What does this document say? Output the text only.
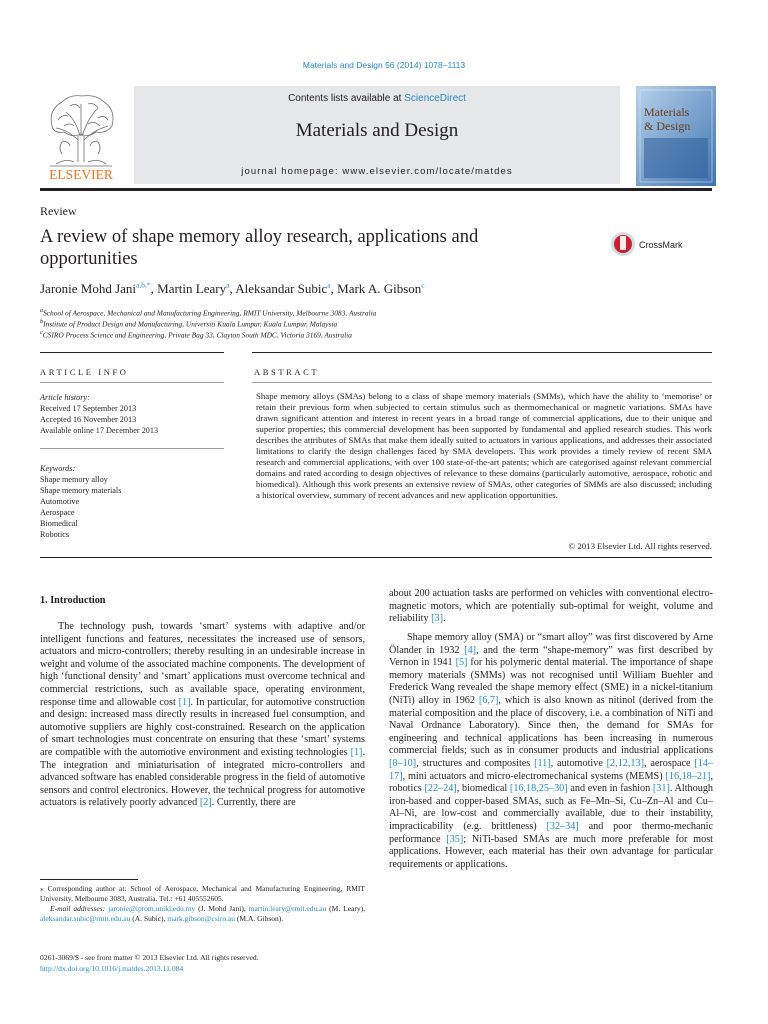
Materials and Design 56 (2014) 1078–1113
Contents lists available at ScienceDirect
Materials and Design
journal homepage: www.elsevier.com/locate/matdes
ELSEVIER
Materials
& Design
Review
A review of shape memory alloy research, applications and opportunities
CrossMark
Jaronie Mohd Jani$^{a,b,*}$, Martin Leary$^a$, Aleksandar Subic$^a$, Mark A. Gibson$^c$
$^a$School of Aerospace, Mechanical and Manufacturing Engineering, RMIT University, Melbourne 3083, Australia
$^b$Institute of Product Design and Manufacturing, Universiti Kuala Lumpur, Kuala Lumpur, Malaysia
$^c$CSIRO Process Science and Engineering, Private Bag 33, Clayton South MDC, Victoria 3169, Australia
ARTICLE INFO	ABSTRACT
Article history:
Received 17 September 2013
Accepted 16 November 2013
Available online 17 December 2013
Keywords:
Shape memory alloy
Shape memory materials
Automotive
Aerospace
Biomedical
Robotics
Shape memory alloys (SMAs) belong to a class of shape memory materials (SMMs), which have the ability to ‘memorise’ or retain their previous form when subjected to certain stimulus such as thermomechanical or magnetic variations. SMAs have drawn significant attention and interest in recent years in a broad range of commercial applications, due to their unique and superior properties; this commercial development has been supported by fundamental and applied research studies. This work describes the attributes of SMAs that make them ideally suited to actuators in various applications, and addresses their associated limitations to clarify the design challenges faced by SMA developers. This work provides a timely review of recent SMA research and commercial applications, with over 100 state-of-the-art patents; which are categorised against relevant commercial domains and rated according to design objectives of relevance to these domains (particularly automotive, aerospace, robotic and biomedical). Although this work presents an extensive review of SMAs, other categories of SMMs are also discussed; including a historical overview, summary of recent advances and new application opportunities.
© 2013 Elsevier Ltd. All rights reserved.
1. Introduction
The technology push, towards ‘smart’ systems with adaptive and/or intelligent functions and features, necessitates the increased use of sensors, actuators and micro-controllers; thereby resulting in an undesirable increase in weight and volume of the associated machine components. The development of high ‘functional density’ and ‘smart’ applications must overcome technical and commercial restrictions, such as available space, operating environment, response time and allowable cost [1]. In particular, for automotive construction and design: increased mass directly results in increased fuel consumption, and automotive suppliers are highly cost-constrained. Research on the application of smart technologies must concentrate on ensuring that these ‘smart’ systems are compatible with the automotive environment and existing technologies [1]. The integration and miniaturisation of integrated micro-controllers and advanced software has enabled considerable progress in the field of automotive sensors and control electronics. However, the technical progress for automotive actuators is relatively poorly advanced [2]. Currently, there are
about 200 actuation tasks are performed on vehicles with conventional electro-magnetic motors, which are potentially sub-optimal for weight, volume and reliability [3].
Shape memory alloy (SMA) or “smart alloy” was first discovered by Arne Ölander in 1932 [4], and the term “shape-memory” was first described by Vernon in 1941 [5] for his polymeric dental material. The importance of shape memory materials (SMMs) was not recognised until William Buehler and Frederick Wang revealed the shape memory effect (SME) in a nickel-titanium (NiTi) alloy in 1962 [6,7], which is also known as nitinol (derived from the material composition and the place of discovery, i.e. a combination of NiTi and Naval Ordnance Laboratory). Since then, the demand for SMAs for engineering and technical applications has been increasing in numerous commercial fields; such as in consumer products and industrial applications [8–10], structures and composites [11], automotive [2,12,13], aerospace [14–17], mini actuators and micro-electromechanical systems (MEMS) [16,18–21], robotics [22–24], biomedical [16,18,25–30] and even in fashion [31]. Although iron-based and copper-based SMAs, such as Fe–Mn–Si, Cu–Zn–Al and Cu–Al–Ni, are low-cost and commercially available, due to their instability, impracticability (e.g. brittleness) [32–34] and poor thermo-mechanic performance [35]; NiTi-based SMAs are much more preferable for most applications. However, each material has their own advantage for particular requirements or applications.
⁎ Corresponding author at: School of Aerospace, Mechanical and Manufacturing Engineering, RMIT University, Melbourne 3083, Australia. Tel.: +61 405552605.
E-mail addresses: jaronie@iprom.unikl.edu.my (J. Mohd Jani), martin.leary@rmit.edu.au (M. Leary), aleksandar.subic@rmit.edu.au (A. Subic), mark.gibson@csiro.au (M.A. Gibson).
0261-3069/$ - see front matter © 2013 Elsevier Ltd. All rights reserved.
http://dx.doi.org/10.1016/j.matdes.2013.11.084
